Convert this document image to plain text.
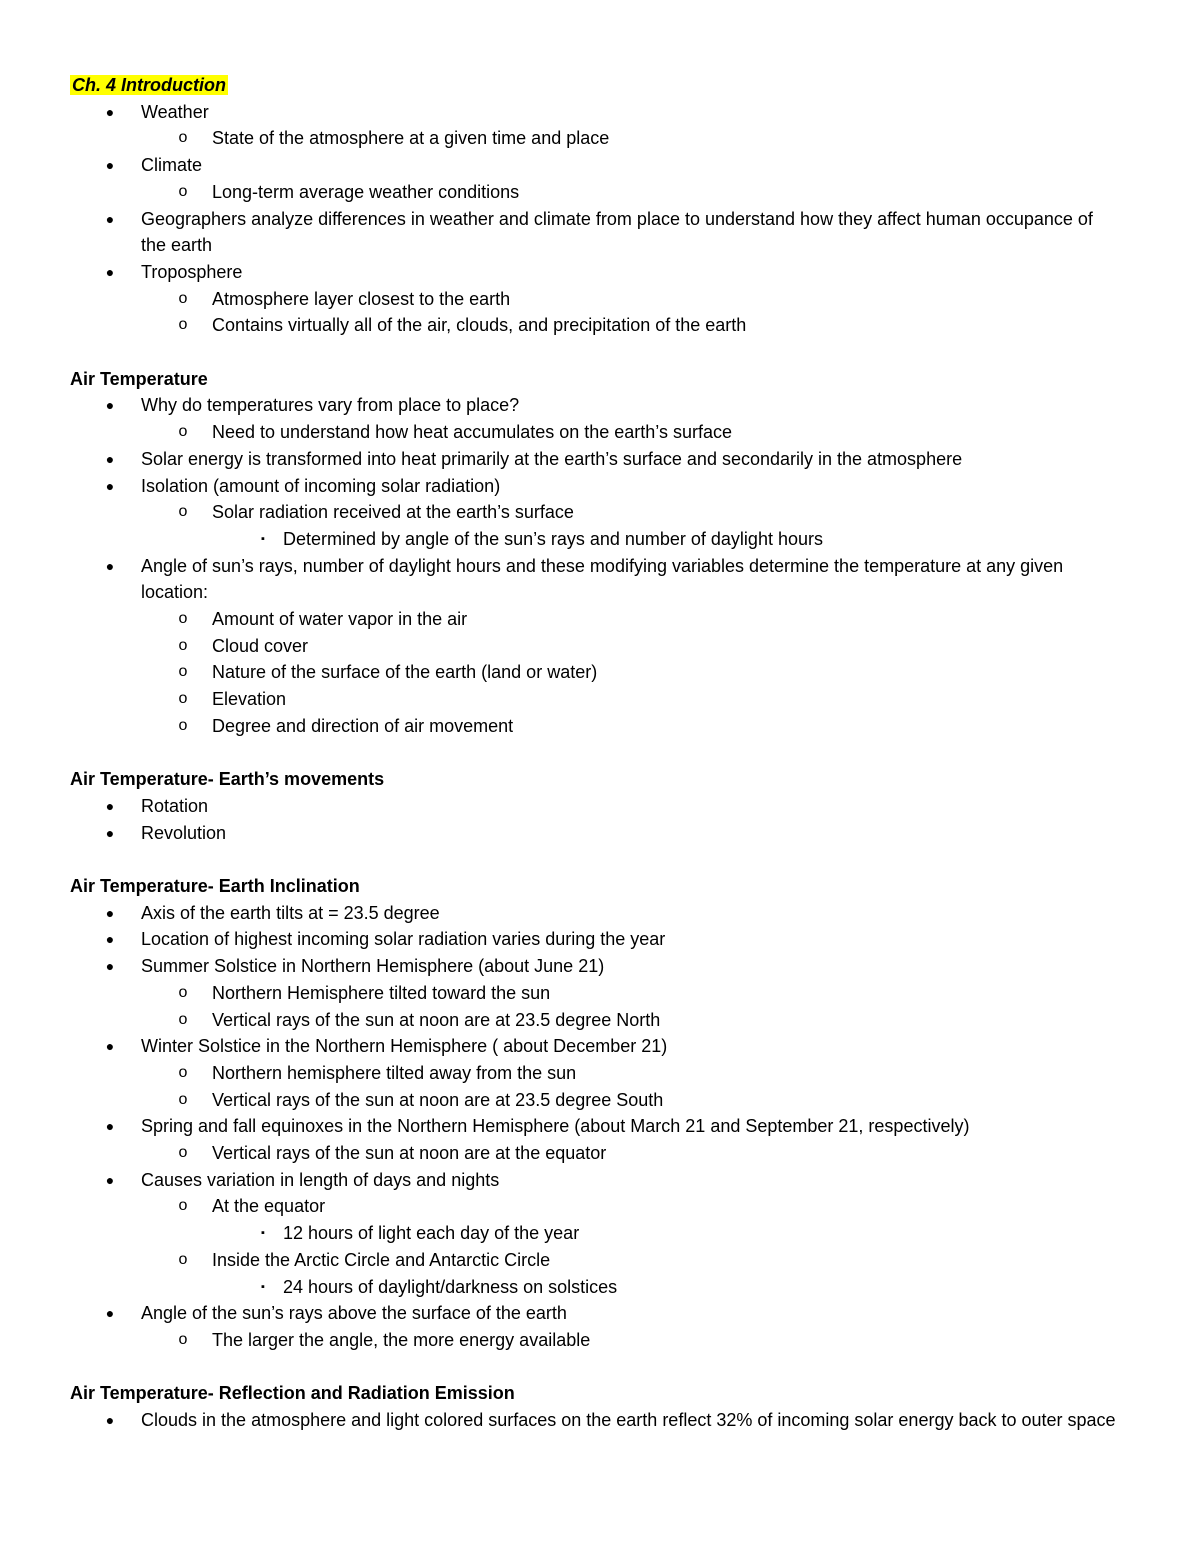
Ch. 4 Introduction
●
Weather
o
State of the atmosphere at a given time and place
●
Climate
o
Long-term average weather conditions
●
Geographers analyze differences in weather and climate from place to understand how they affect human occupance of the earth
●
Troposphere
o
Atmosphere layer closest to the earth
o
Contains virtually all of the air, clouds, and precipitation of the earth
Air Temperature
●
Why do temperatures vary from place to place?
o
Need to understand how heat accumulates on the earth’s surface
●
Solar energy is transformed into heat primarily at the earth’s surface and secondarily in the atmosphere
●
Isolation (amount of incoming solar radiation)
o
Solar radiation received at the earth’s surface
▪
Determined by angle of the sun’s rays and number of daylight hours
●
Angle of sun’s rays, number of daylight hours and these modifying variables determine the temperature at any given location:
o
Amount of water vapor in the air
o
Cloud cover
o
Nature of the surface of the earth (land or water)
o
Elevation
o
Degree and direction of air movement
Air Temperature- Earth’s movements
●
Rotation
●
Revolution
Air Temperature- Earth Inclination
●
Axis of the earth tilts at = 23.5 degree
●
Location of highest incoming solar radiation varies during the year
●
Summer Solstice in Northern Hemisphere (about June 21)
o
Northern Hemisphere tilted toward the sun
o
Vertical rays of the sun at noon are at 23.5 degree North
●
Winter Solstice in the Northern Hemisphere ( about December 21)
o
Northern hemisphere tilted away from the sun
o
Vertical rays of the sun at noon are at 23.5 degree South
●
Spring and fall equinoxes in the Northern Hemisphere (about March 21 and September 21, respectively)
o
Vertical rays of the sun at noon are at the equator
●
Causes variation in length of days and nights
o
At the equator
▪
12 hours of light each day of the year
o
Inside the Arctic Circle and Antarctic Circle
▪
24 hours of daylight/darkness on solstices
●
Angle of the sun’s rays above the surface of the earth
o
The larger the angle, the more energy available
Air Temperature- Reflection and Radiation Emission
●
Clouds in the atmosphere and light colored surfaces on the earth reflect 32% of incoming solar energy back to outer space
